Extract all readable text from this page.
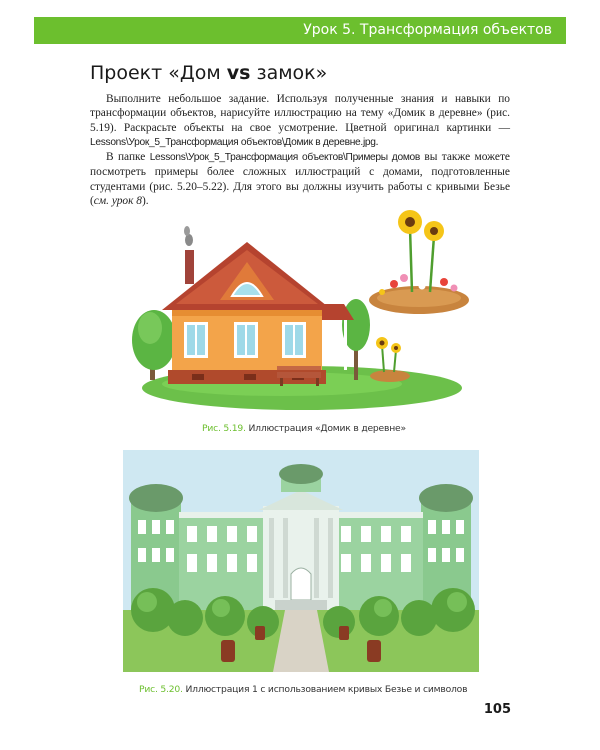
Урок 5. Трансформация объектов
Проект «Дом vs замок»

Выполните небольшое задание. Используя полученные знания и навыки по трансформации объектов, нарисуйте иллюстрацию на тему «Домик в деревне» (рис. 5.19). Раскрасьте объекты на свое усмотрение. Цветной оригинал картинки — Lessons\Урок_5_Трансформация объектов\Домик в деревне.jpg.

В папке Lessons\Урок_5_Трансформация объектов\Примеры домов вы также можете посмотреть примеры более сложных иллюстраций с домами, подготовленные студентами (рис. 5.20–5.22). Для этого вы должны изучить работы с кривыми Безье (см. урок 8).

Рис. 5.19. Иллюстрация «Домик в деревне»
Рис. 5.20. Иллюстрация 1 с использованием кривых Безье и символов
105
